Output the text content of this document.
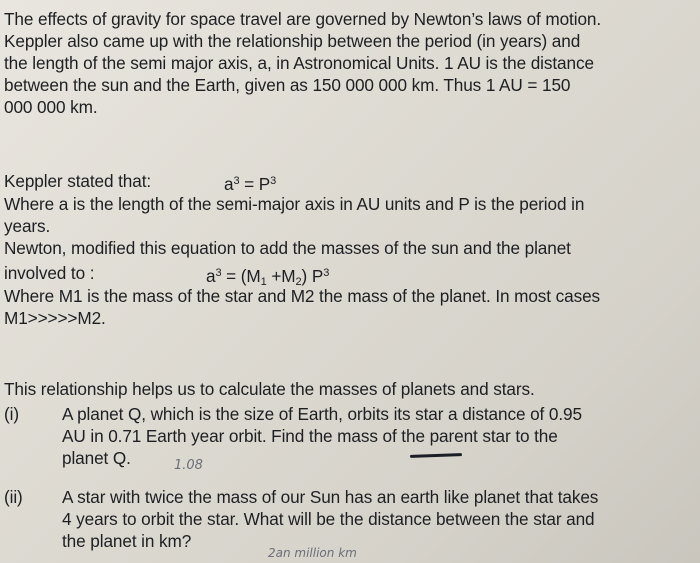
The effects of gravity for space travel are governed by Newton’s laws of motion.
Keppler also came up with the relationship between the period (in years) and
the length of the semi major axis, a, in Astronomical Units. 1 AU is the distance
between the sun and the Earth, given as 150 000 000 km. Thus 1 AU = 150
000 000 km.
Keppler stated that:	$a^3 = P^3$
Where a is the length of the semi-major axis in AU units and P is the period in
years.
Newton, modified this equation to add the masses of the sun and the planet
involved to :	$a^3 = (M_1 +M_2)$ $P^3$
Where M1 is the mass of the star and M2 the mass of the planet. In most cases
M1>>>>>M2.
This relationship helps us to calculate the masses of planets and stars.
(i)	A planet Q, which is the size of Earth, orbits its star a distance of 0.95
AU in 0.71 Earth year orbit. Find the mass of the parent star to the
planet Q.	1.08
(ii) A star with twice the mass of our Sun has an earth like planet that takes
4 years to orbit the star. What will be the distance between the star and
the planet in km?
2an million km
